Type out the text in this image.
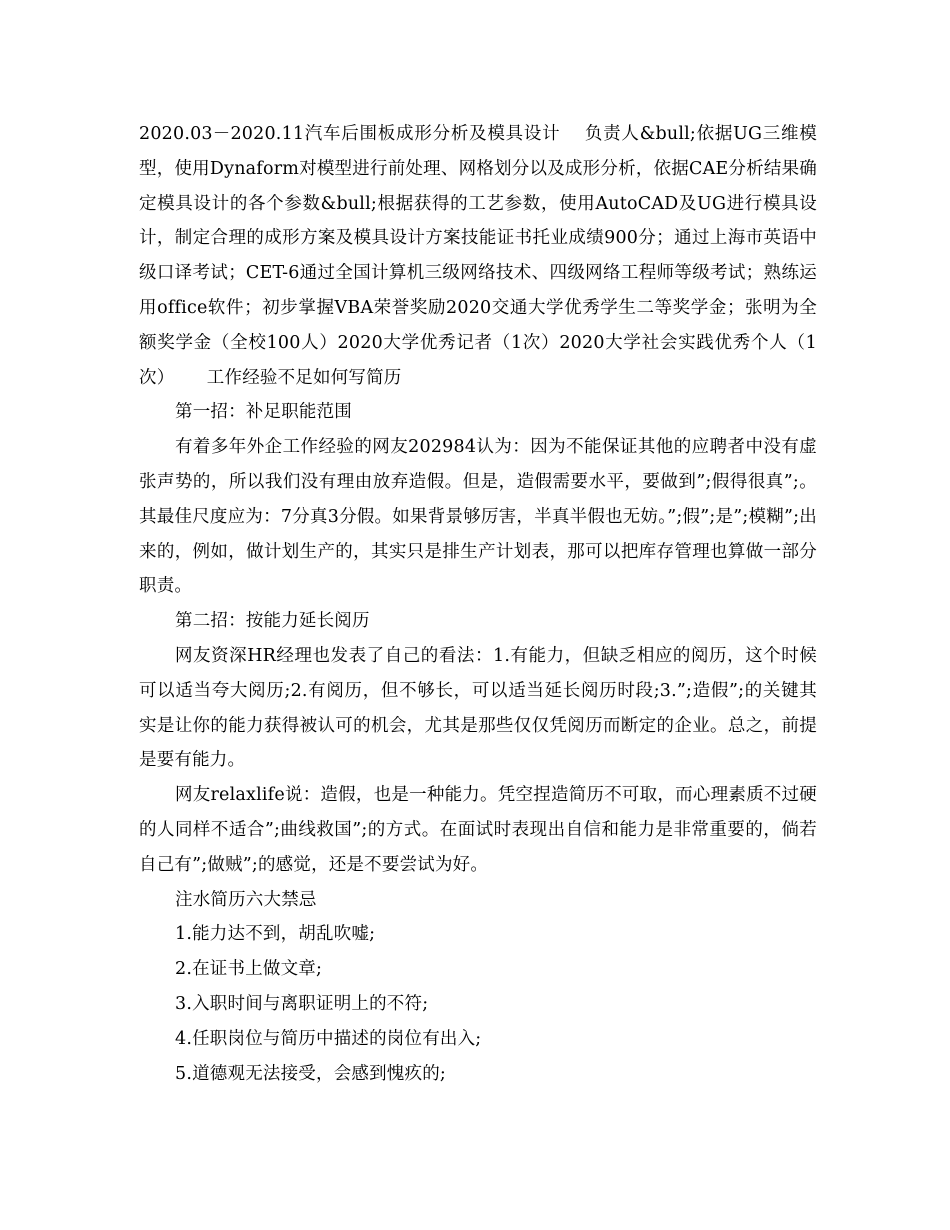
2020.03－2020.11汽车后围板成形分析及模具设计　 负责人&bull;依据UG三维模型，使用Dynaform对模型进行前处理、网格划分以及成形分析，依据CAE分析结果确定模具设计的各个参数&bull;根据获得的工艺参数，使用AutoCAD及UG进行模具设计，制定合理的成形方案及模具设计方案技能证书托业成绩900分；通过上海市英语中级口译考试；CET-6通过全国计算机三级网络技术、四级网络工程师等级考试；熟练运用office软件；初步掌握VBA荣誉奖励2020交通大学优秀学生二等奖学金；张明为全额奖学金（全校100人）2020大学优秀记者（1次）2020大学社会实践优秀个人（1次）　　 工作经验不足如何写简历

第一招：补足职能范围

有着多年外企工作经验的网友202984认为：因为不能保证其他的应聘者中没有虚张声势的，所以我们没有理由放弃造假。但是，造假需要水平，要做到”;假得很真”;。其最佳尺度应为：7分真3分假。如果背景够厉害，半真半假也无妨。”;假”;是”;模糊”;出来的，例如，做计划生产的，其实只是排生产计划表，那可以把库存管理也算做一部分职责。

第二招：按能力延长阅历

网友资深HR经理也发表了自己的看法：1.有能力，但缺乏相应的阅历，这个时候可以适当夸大阅历;2.有阅历，但不够长，可以适当延长阅历时段;3.”;造假”;的关键其实是让你的能力获得被认可的机会，尤其是那些仅仅凭阅历而断定的企业。总之，前提是要有能力。

网友relaxlife说：造假，也是一种能力。凭空捏造简历不可取，而心理素质不过硬的人同样不适合”;曲线救国”;的方式。在面试时表现出自信和能力是非常重要的，倘若自己有”;做贼”;的感觉，还是不要尝试为好。

注水简历六大禁忌

1.能力达不到，胡乱吹嘘;

2.在证书上做文章;

3.入职时间与离职证明上的不符;

4.任职岗位与简历中描述的岗位有出入;

5.道德观无法接受，会感到愧疚的;
